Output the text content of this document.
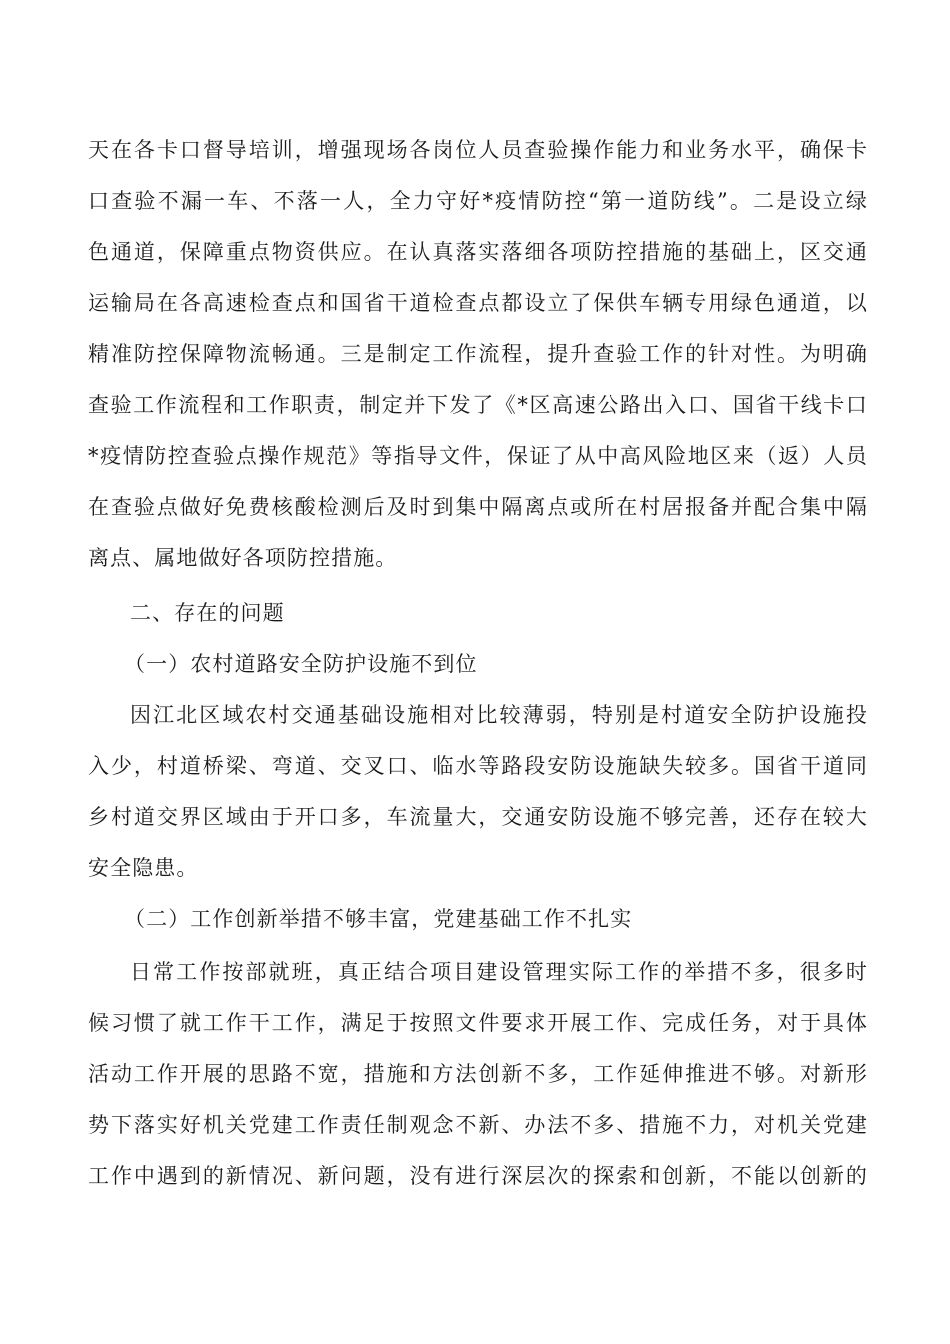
天在各卡口督导培训，增强现场各岗位人员查验操作能力和业务水平，确保卡
口查验不漏一车、不落一人，全力守好*疫情防控“第一道防线”。二是设立绿
色通道，保障重点物资供应。在认真落实落细各项防控措施的基础上，区交通
运输局在各高速检查点和国省干道检查点都设立了保供车辆专用绿色通道，以
精准防控保障物流畅通。三是制定工作流程，提升查验工作的针对性。为明确
查验工作流程和工作职责，制定并下发了《*区高速公路出入口、国省干线卡口
*疫情防控查验点操作规范》等指导文件，保证了从中高风险地区来（返）人员
在查验点做好免费核酸检测后及时到集中隔离点或所在村居报备并配合集中隔
离点、属地做好各项防控措施。
二、存在的问题
（一）农村道路安全防护设施不到位
因江北区域农村交通基础设施相对比较薄弱，特别是村道安全防护设施投
入少，村道桥梁、弯道、交叉口、临水等路段安防设施缺失较多。国省干道同
乡村道交界区域由于开口多，车流量大，交通安防设施不够完善，还存在较大
安全隐患。
（二）工作创新举措不够丰富，党建基础工作不扎实
日常工作按部就班，真正结合项目建设管理实际工作的举措不多，很多时
候习惯了就工作干工作，满足于按照文件要求开展工作、完成任务，对于具体
活动工作开展的思路不宽，措施和方法创新不多，工作延伸推进不够。对新形
势下落实好机关党建工作责任制观念不新、办法不多、措施不力，对机关党建
工作中遇到的新情况、新问题，没有进行深层次的探索和创新，不能以创新的
